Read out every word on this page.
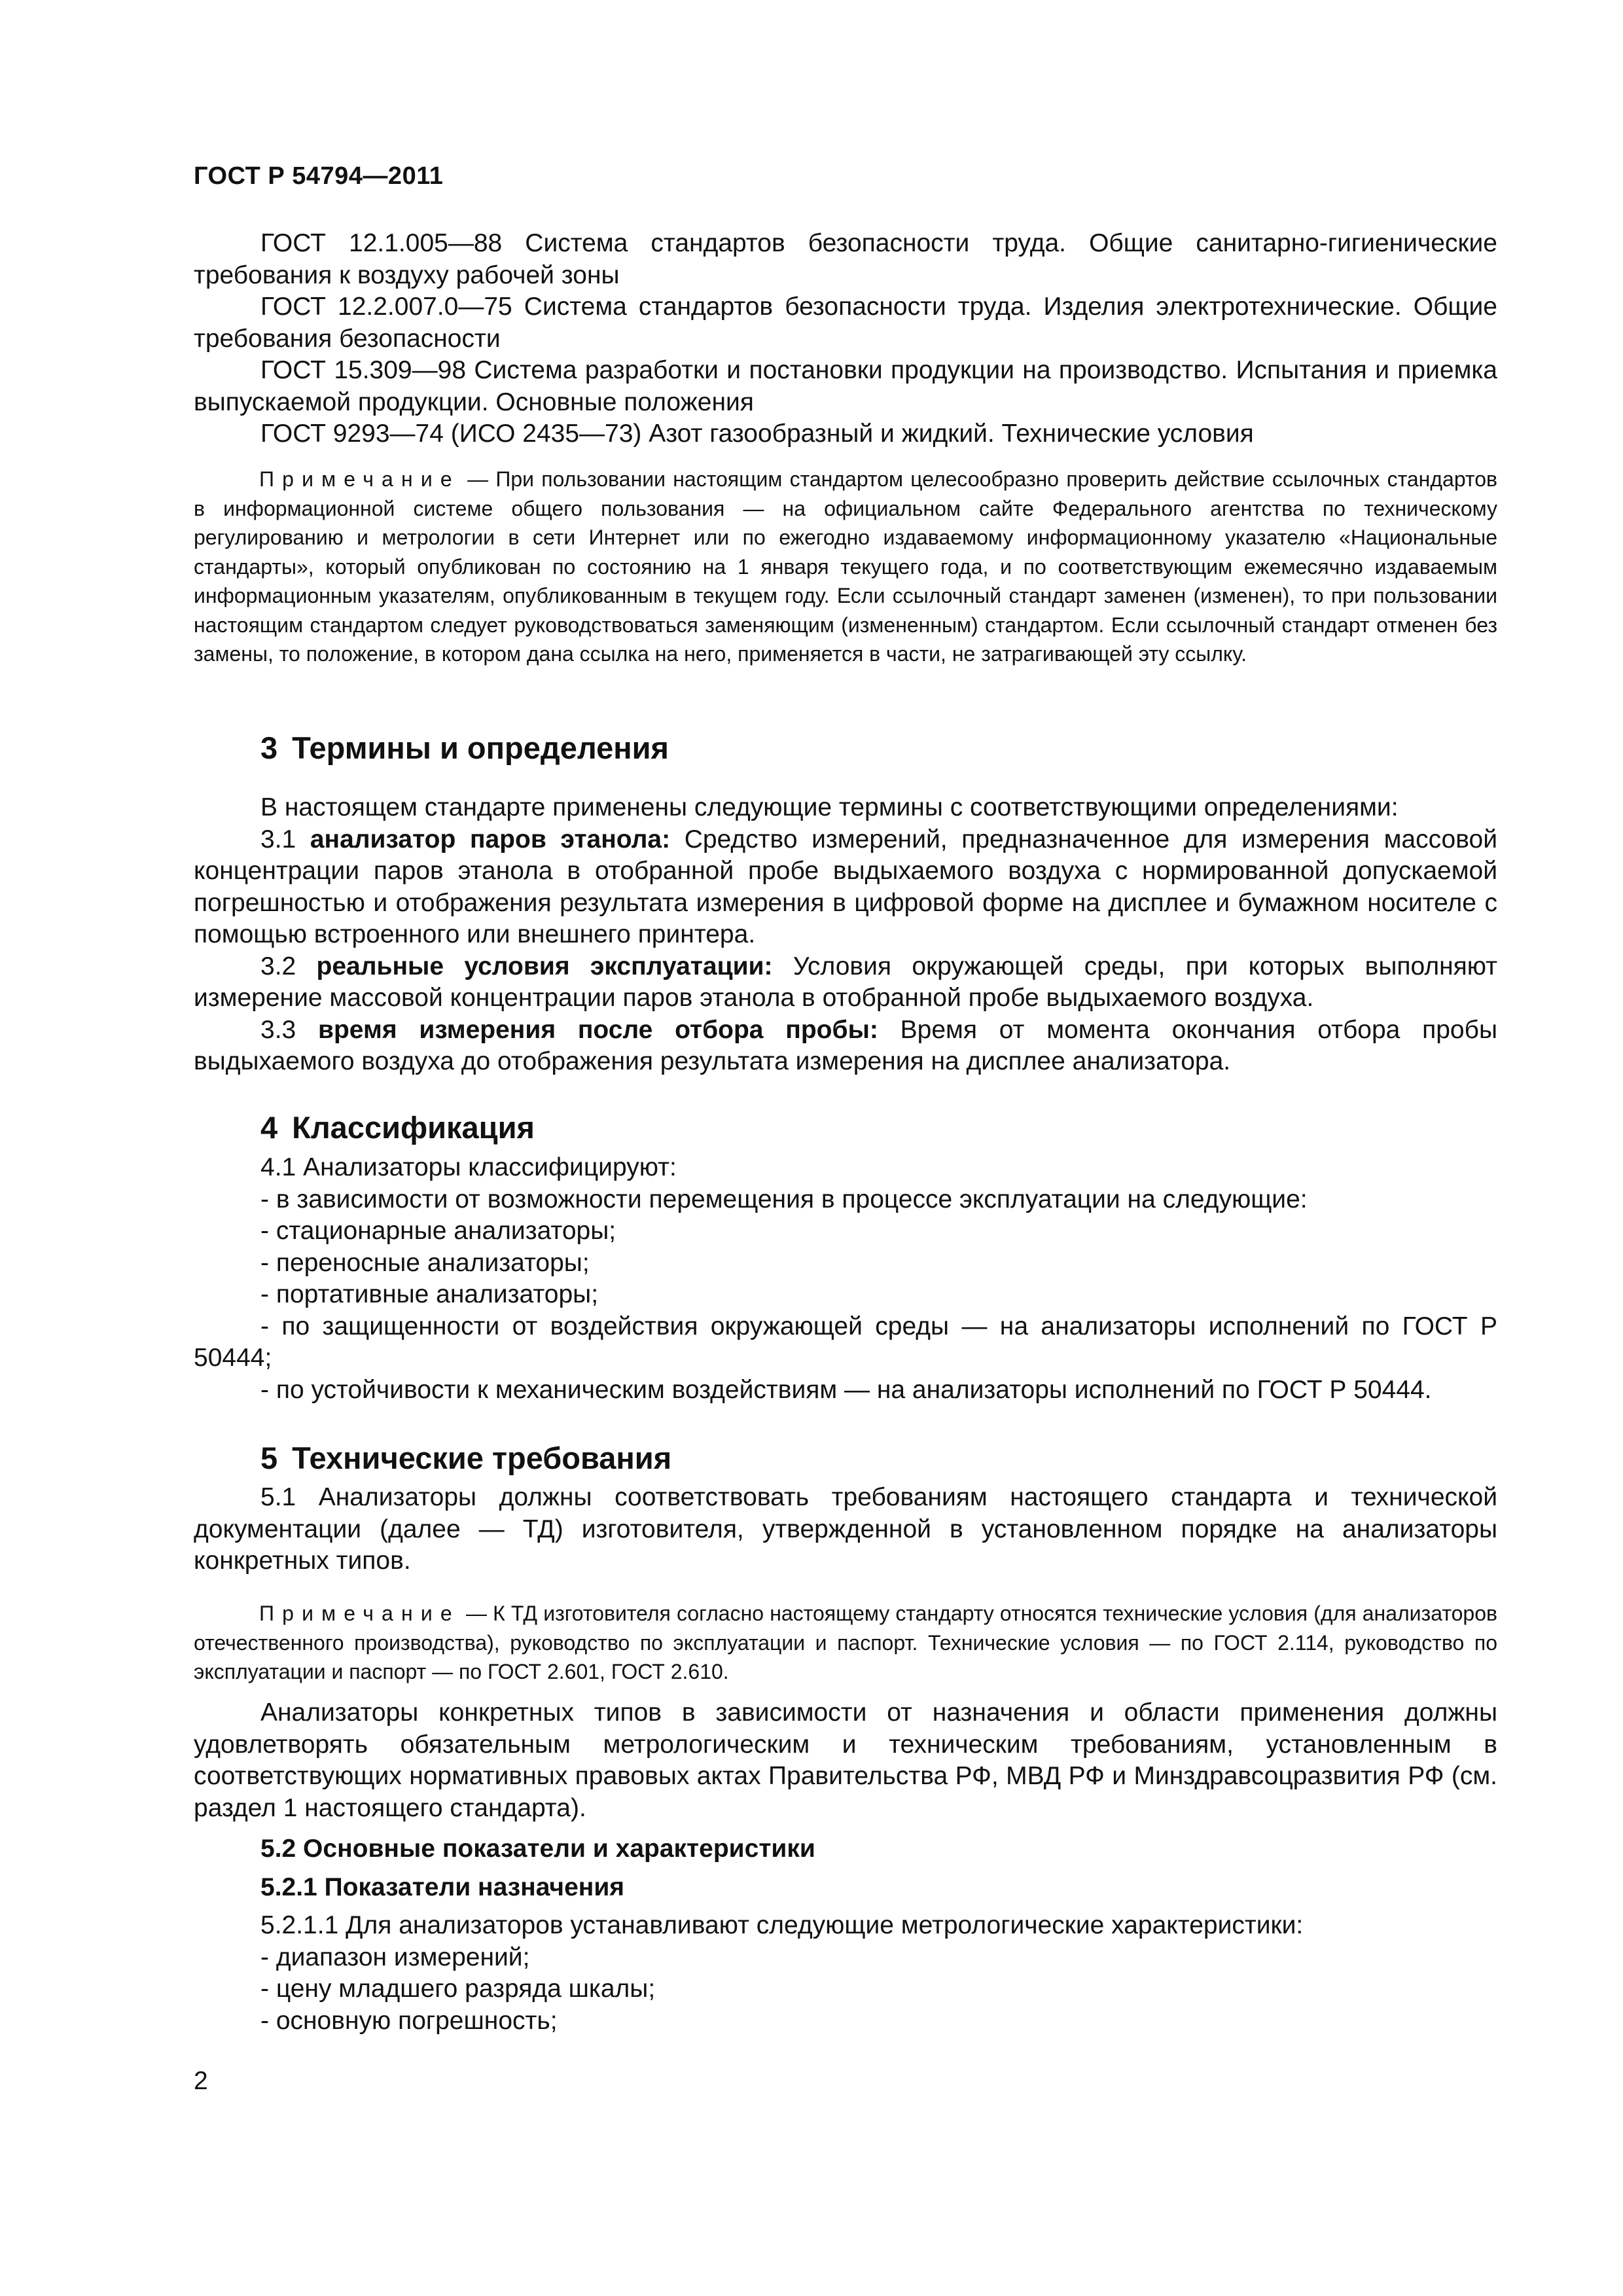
ГОСТ Р 54794—2011

ГОСТ 12.1.005—88 Система стандартов безопасности труда. Общие санитарно-гигиенические требования к воздуху рабочей зоны

ГОСТ 12.2.007.0—75 Система стандартов безопасности труда. Изделия электротехнические. Общие требования безопасности

ГОСТ 15.309—98 Система разработки и постановки продукции на производство. Испытания и приемка выпускаемой продукции. Основные положения

ГОСТ 9293—74 (ИСО 2435—73) Азот газообразный и жидкий. Технические условия

Примечание — При пользовании настоящим стандартом целесообразно проверить действие ссылочных стандартов в информационной системе общего пользования — на официальном сайте Федерального агентства по техническому регулированию и метрологии в сети Интернет или по ежегодно издаваемому информационному указателю «Национальные стандарты», который опубликован по состоянию на 1 января текущего года, и по соответствующим ежемесячно издаваемым информационным указателям, опубликованным в текущем году. Если ссылочный стандарт заменен (изменен), то при пользовании настоящим стандартом следует руководствоваться заменяющим (измененным) стандартом. Если ссылочный стандарт отменен без замены, то положение, в котором дана ссылка на него, применяется в части, не затрагивающей эту ссылку.

3 Термины и определения

В настоящем стандарте применены следующие термины с соответствующими определениями:

3.1 анализатор паров этанола: Средство измерений, предназначенное для измерения массовой концентрации паров этанола в отобранной пробе выдыхаемого воздуха с нормированной допускаемой погрешностью и отображения результата измерения в цифровой форме на дисплее и бумажном носителе с помощью встроенного или внешнего принтера.

3.2 реальные условия эксплуатации: Условия окружающей среды, при которых выполняют измерение массовой концентрации паров этанола в отобранной пробе выдыхаемого воздуха.

3.3 время измерения после отбора пробы: Время от момента окончания отбора пробы выдыхаемого воздуха до отображения результата измерения на дисплее анализатора.

4 Классификация

4.1 Анализаторы классифицируют:

- в зависимости от возможности перемещения в процессе эксплуатации на следующие:

- стационарные анализаторы;

- переносные анализаторы;

- портативные анализаторы;

- по защищенности от воздействия окружающей среды — на анализаторы исполнений по ГОСТ Р 50444;

- по устойчивости к механическим воздействиям — на анализаторы исполнений по ГОСТ Р 50444.

5 Технические требования

5.1 Анализаторы должны соответствовать требованиям настоящего стандарта и технической документации (далее — ТД) изготовителя, утвержденной в установленном порядке на анализаторы конкретных типов.

Примечание — К ТД изготовителя согласно настоящему стандарту относятся технические условия (для анализаторов отечественного производства), руководство по эксплуатации и паспорт. Технические условия — по ГОСТ 2.114, руководство по эксплуатации и паспорт — по ГОСТ 2.601, ГОСТ 2.610.

Анализаторы конкретных типов в зависимости от назначения и области применения должны удовлетворять обязательным метрологическим и техническим требованиям, установленным в соответствующих нормативных правовых актах Правительства РФ, МВД РФ и Минздравсоцразвития РФ (см. раздел 1 настоящего стандарта).

5.2 Основные показатели и характеристики

5.2.1 Показатели назначения

5.2.1.1 Для анализаторов устанавливают следующие метрологические характеристики:

- диапазон измерений;

- цену младшего разряда шкалы;

- основную погрешность;

2
